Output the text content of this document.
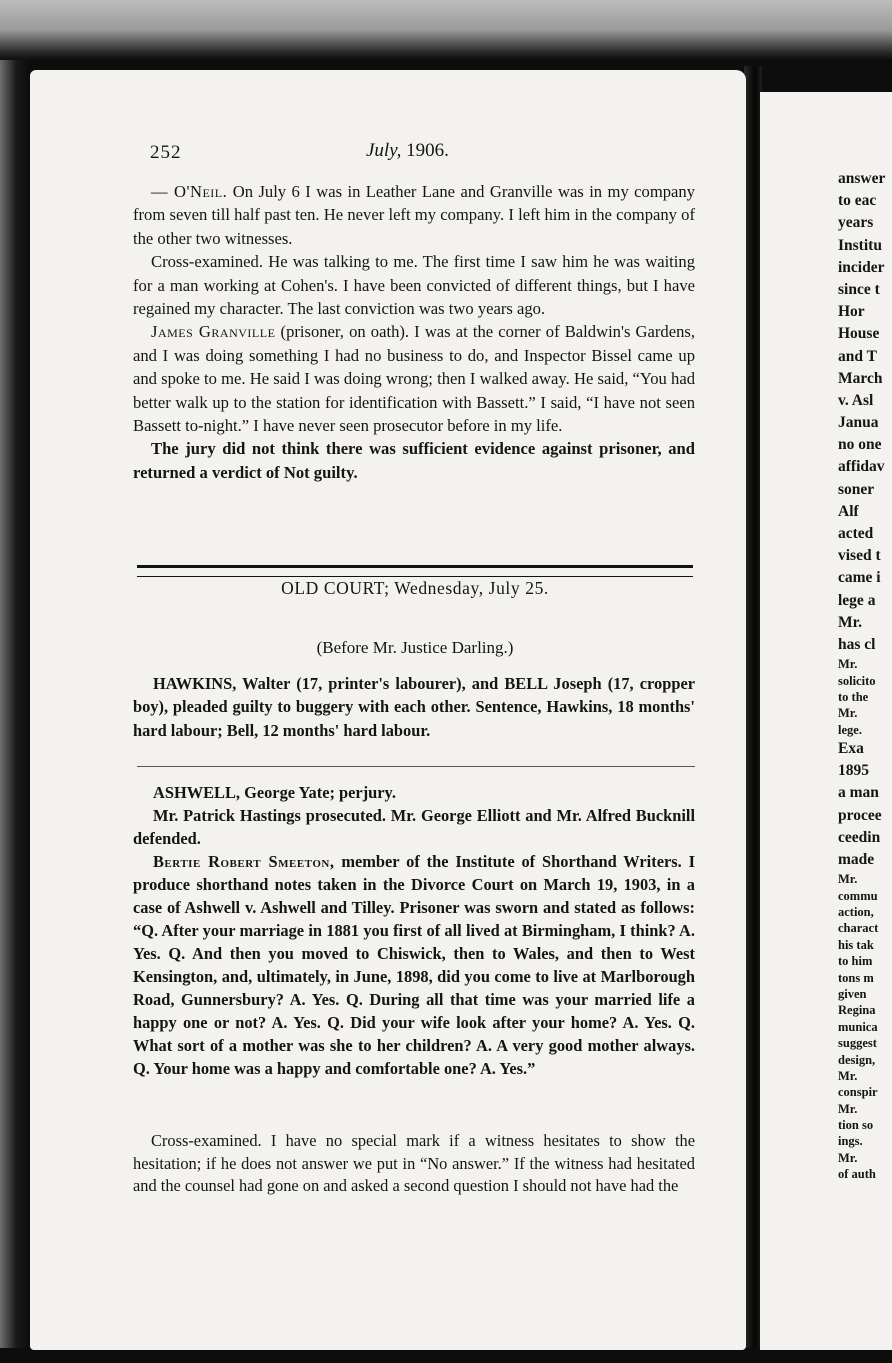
252	July, 1906.

— O'Neil. On July 6 I was in Leather Lane and Granville was in my company from seven till half past ten. He never left my company. I left him in the company of the other two witnesses.

Cross-examined. He was talking to me. The first time I saw him he was waiting for a man working at Cohen's. I have been convicted of different things, but I have regained my character. The last conviction was two years ago.

James Granville (prisoner, on oath). I was at the corner of Baldwin's Gardens, and I was doing something I had no business to do, and Inspector Bissel came up and spoke to me. He said I was doing wrong; then I walked away. He said, “You had better walk up to the station for identification with Bassett.” I said, “I have not seen Bassett to-night.” I have never seen prosecutor before in my life.

The jury did not think there was sufficient evidence against prisoner, and returned a verdict of Not guilty.

OLD COURT; Wednesday, July 25.
(Before Mr. Justice Darling.)

HAWKINS, Walter (17, printer's labourer), and BELL Joseph (17, cropper boy), pleaded guilty to buggery with each other. Sentence, Hawkins, 18 months' hard labour; Bell, 12 months' hard labour.

ASHWELL, George Yate; perjury.

Mr. Patrick Hastings prosecuted. Mr. George Elliott and Mr. Alfred Bucknill defended.

Bertie Robert Smeeton, member of the Institute of Shorthand Writers. I produce shorthand notes taken in the Divorce Court on March 19, 1903, in a case of Ashwell v. Ashwell and Tilley. Prisoner was sworn and stated as follows: “Q. After your marriage in 1881 you first of all lived at Birmingham, I think? A. Yes. Q. And then you moved to Chiswick, then to Wales, and then to West Kensington, and, ultimately, in June, 1898, did you come to live at Marlborough Road, Gunnersbury? A. Yes. Q. During all that time was your married life a happy one or not? A. Yes. Q. Did your wife look after your home? A. Yes. Q. What sort of a mother was she to her children? A. A very good mother always. Q. Your home was a happy and comfortable one? A. Yes.”

Cross-examined. I have no special mark if a witness hesitates to show the hesitation; if he does not answer we put in “No answer.” If the witness had hesitated and the counsel had gone on and asked a second question I should not have had the

answer
to eac
years
Institu
incider
since t
Hor
House
and T
March
v. Asl
Janua
no one
affidav
soner
Alf
acted
vised t
came i
lege a
Mr.
has cl
Mr.
solicito
to the
Mr.
lege.
Exa
1895
a man
procee
ceedin
made
Mr.
commu
action,
charact
his tak
to him
tons m
given
Regina
munica
suggest
design,
Mr.
conspir
Mr.
tion so
ings.
Mr.
of auth
